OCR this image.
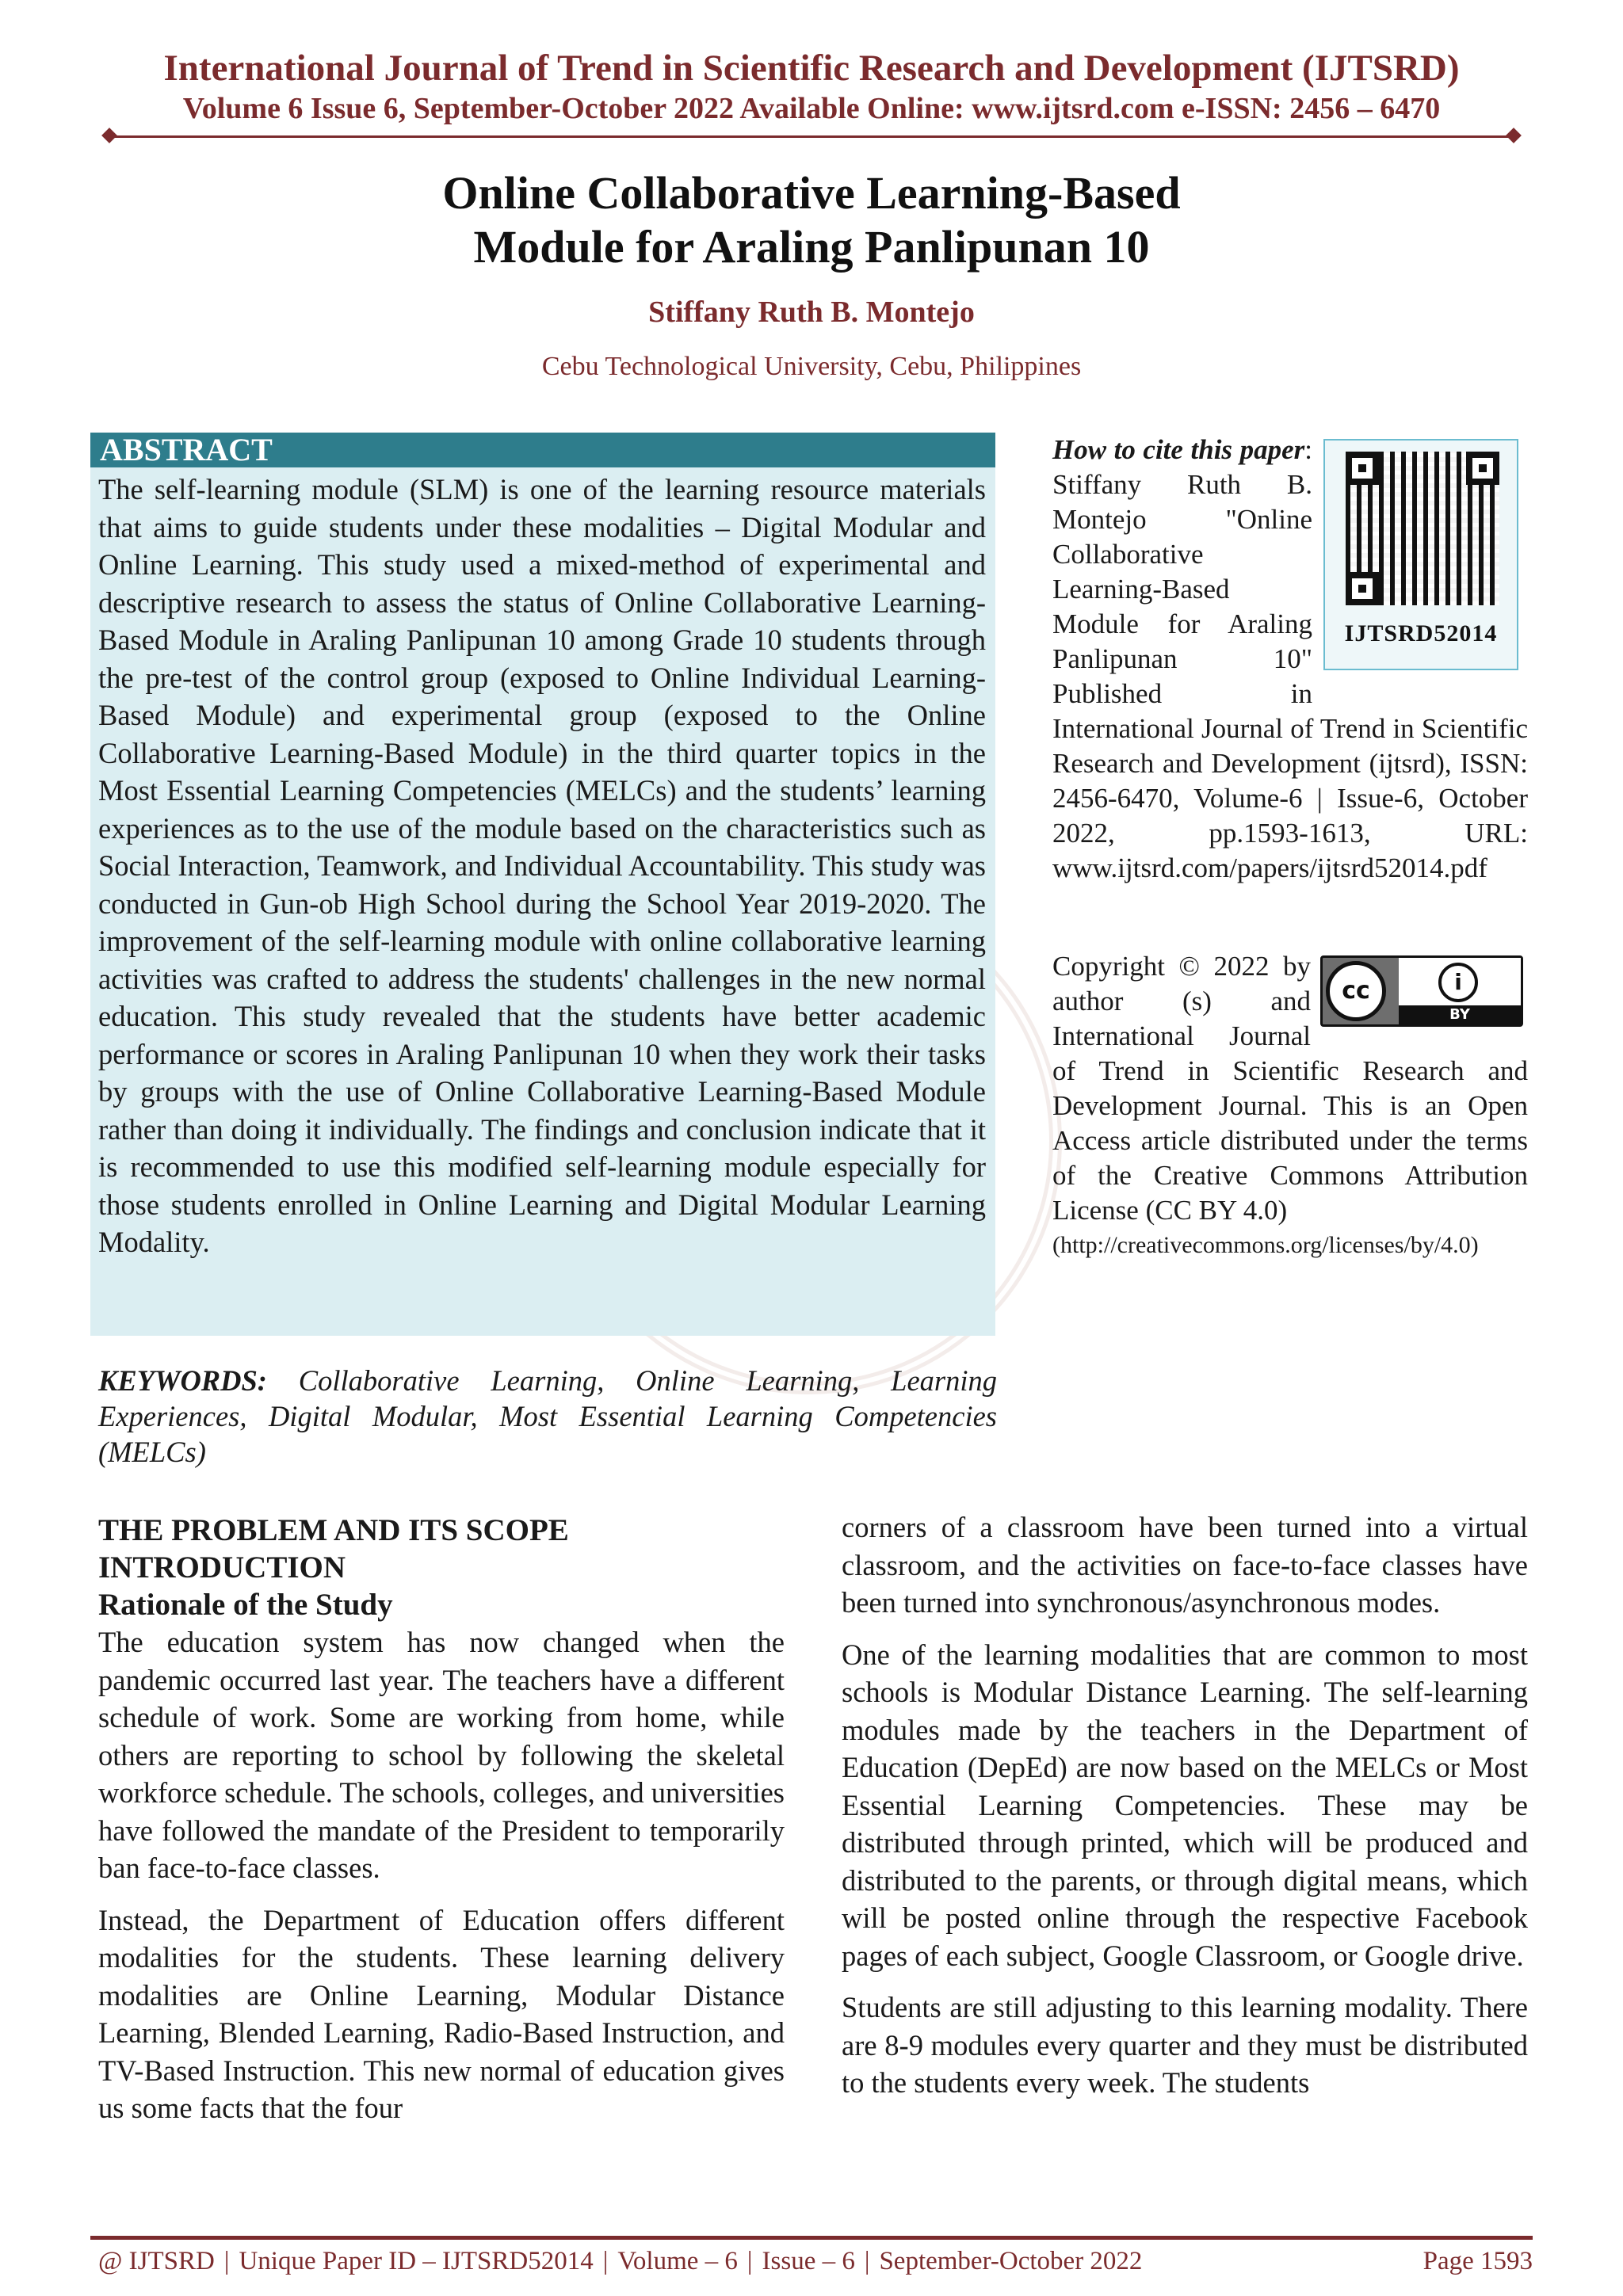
International Journal of Trend in Scientific Research and Development (IJTSRD)
Volume 6 Issue 6, September-October 2022 Available Online: www.ijtsrd.com e-ISSN: 2456 – 6470
Online Collaborative Learning-Based
Module for Araling Panlipunan 10
Stiffany Ruth B. Montejo
Cebu Technological University, Cebu, Philippines
ABSTRACT
The self-learning module (SLM) is one of the learning resource materials that aims to guide students under these modalities – Digital Modular and Online Learning. This study used a mixed-method of experimental and descriptive research to assess the status of Online Collaborative Learning-Based Module in Araling Panlipunan 10 among Grade 10 students through the pre-test of the control group (exposed to Online Individual Learning-Based Module) and experimental group (exposed to the Online Collaborative Learning-Based Module) in the third quarter topics in the Most Essential Learning Competencies (MELCs) and the students’ learning experiences as to the use of the module based on the characteristics such as Social Interaction, Teamwork, and Individual Accountability. This study was conducted in Gun-ob High School during the School Year 2019-2020. The improvement of the self-learning module with online collaborative learning activities was crafted to address the students' challenges in the new normal education. This study revealed that the students have better academic performance or scores in Araling Panlipunan 10 when they work their tasks by groups with the use of Online Collaborative Learning-Based Module rather than doing it individually. The findings and conclusion indicate that it is recommended to use this modified self-learning module especially for those students enrolled in Online Learning and Digital Modular Learning Modality.
IJTSRD52014
How to cite this paper: Stiffany Ruth B. Montejo "Online Collaborative Learning-Based Module for Araling Panlipunan 10" Published in International Journal of Trend in Scientific Research and Development (ijtsrd), ISSN: 2456-6470, Volume-6 | Issue-6, October 2022, pp.1593-1613, URL: www.ijtsrd.com/papers/ijtsrd52014.pdf
cc	i
BY
Copyright © 2022 by author (s) and International Journal of Trend in Scientific Research and Development Journal. This is an Open Access article distributed under the terms of the Creative Commons Attribution License (CC BY 4.0)
(http://creativecommons.org/licenses/by/4.0)
KEYWORDS: Collaborative Learning, Online Learning, Learning Experiences, Digital Modular, Most Essential Learning Competencies (MELCs)
THE PROBLEM AND ITS SCOPE
INTRODUCTION
Rationale of the Study

The education system has now changed when the pandemic occurred last year. The teachers have a different schedule of work. Some are working from home, while others are reporting to school by following the skeletal workforce schedule. The schools, colleges, and universities have followed the mandate of the President to temporarily ban face-to-face classes.

Instead, the Department of Education offers different modalities for the students. These learning delivery modalities are Online Learning, Modular Distance Learning, Blended Learning, Radio-Based Instruction, and TV-Based Instruction. This new normal of education gives us some facts that the four

corners of a classroom have been turned into a virtual classroom, and the activities on face-to-face classes have been turned into synchronous/asynchronous modes.

One of the learning modalities that are common to most schools is Modular Distance Learning. The self-learning modules made by the teachers in the Department of Education (DepEd) are now based on the MELCs or Most Essential Learning Competencies. These may be distributed through printed, which will be produced and distributed to the parents, or through digital means, which will be posted online through the respective Facebook pages of each subject, Google Classroom, or Google drive.

Students are still adjusting to this learning modality. There are 8-9 modules every quarter and they must be distributed to the students every week. The students

@ IJTSRD | Unique Paper ID – IJTSRD52014 | Volume – 6 | Issue – 6 | September-October 2022	Page 1593
